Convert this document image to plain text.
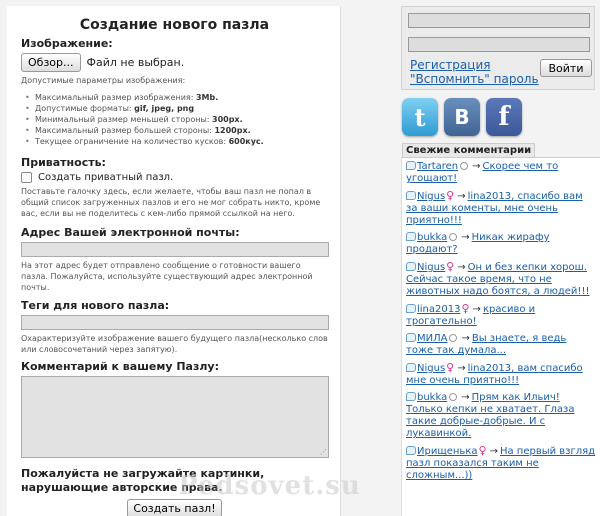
Создание нового пазла
Изображение:
Обзор...	Файл не выбран.
Допустимые параметры изображения:
• Максимальный размер изображения: 3Mb.
• Допустимые форматы: gif, jpeg, png
• Минимальный размер меньшей стороны: 300px.
• Максимальный размер большей стороны: 1200px.
• Текущее ограничение на количество кусков: 600кус.
Приватность:
Создать приватный пазл.
Поставьте галочку здесь, если желаете, чтобы ваш пазл не попал в общий список загруженных пазлов и его не мог собрать никто, кроме вас, если вы не поделитесь с кем-либо прямой ссылкой на него.
Адрес Вашей электронной почты:
На этот адрес будет отправлено сообщение о готовности вашего пазла. Пожалуйста, используйте существующий адрес электронной почты.
Теги для нового пазла:
Охарактеризуйте изображение вашего будущего пазла(несколько слов или словосочетаний через запятую).
Комментарий к вашему Пазлу:
⋰
Пожалуйста не загружайте картинки, нарушающие авторские права.
Создать пазл!
Pedsovet.su
Регистрация
"Вспомнить" пароль
Войти
t B f
Свежие комментарии
Tartaren → Скорее чем то угощают!
Nigus♀ → lina2013, спасибо вам за ваши коменты, мне очень приятно!!!
bukka → Никак жирафу продают?
Nigus♀ → Он и без кепки хорош. Сейчас такое время, что не животных надо боятся, а людей!!!
lina2013♀ → красиво и трогательно!
МИЛА → Вы знаете, я ведь тоже так думала...
Nigus♀ → lina2013, вам спасибо мне очень приятно!!!
bukka → Прям как Ильич! Только кепки не хватает. Глаза такие добрые-добрые. И с лукавинкой.
Ирищенька♀ → На первый взгляд пазл показался таким не сложным...))
